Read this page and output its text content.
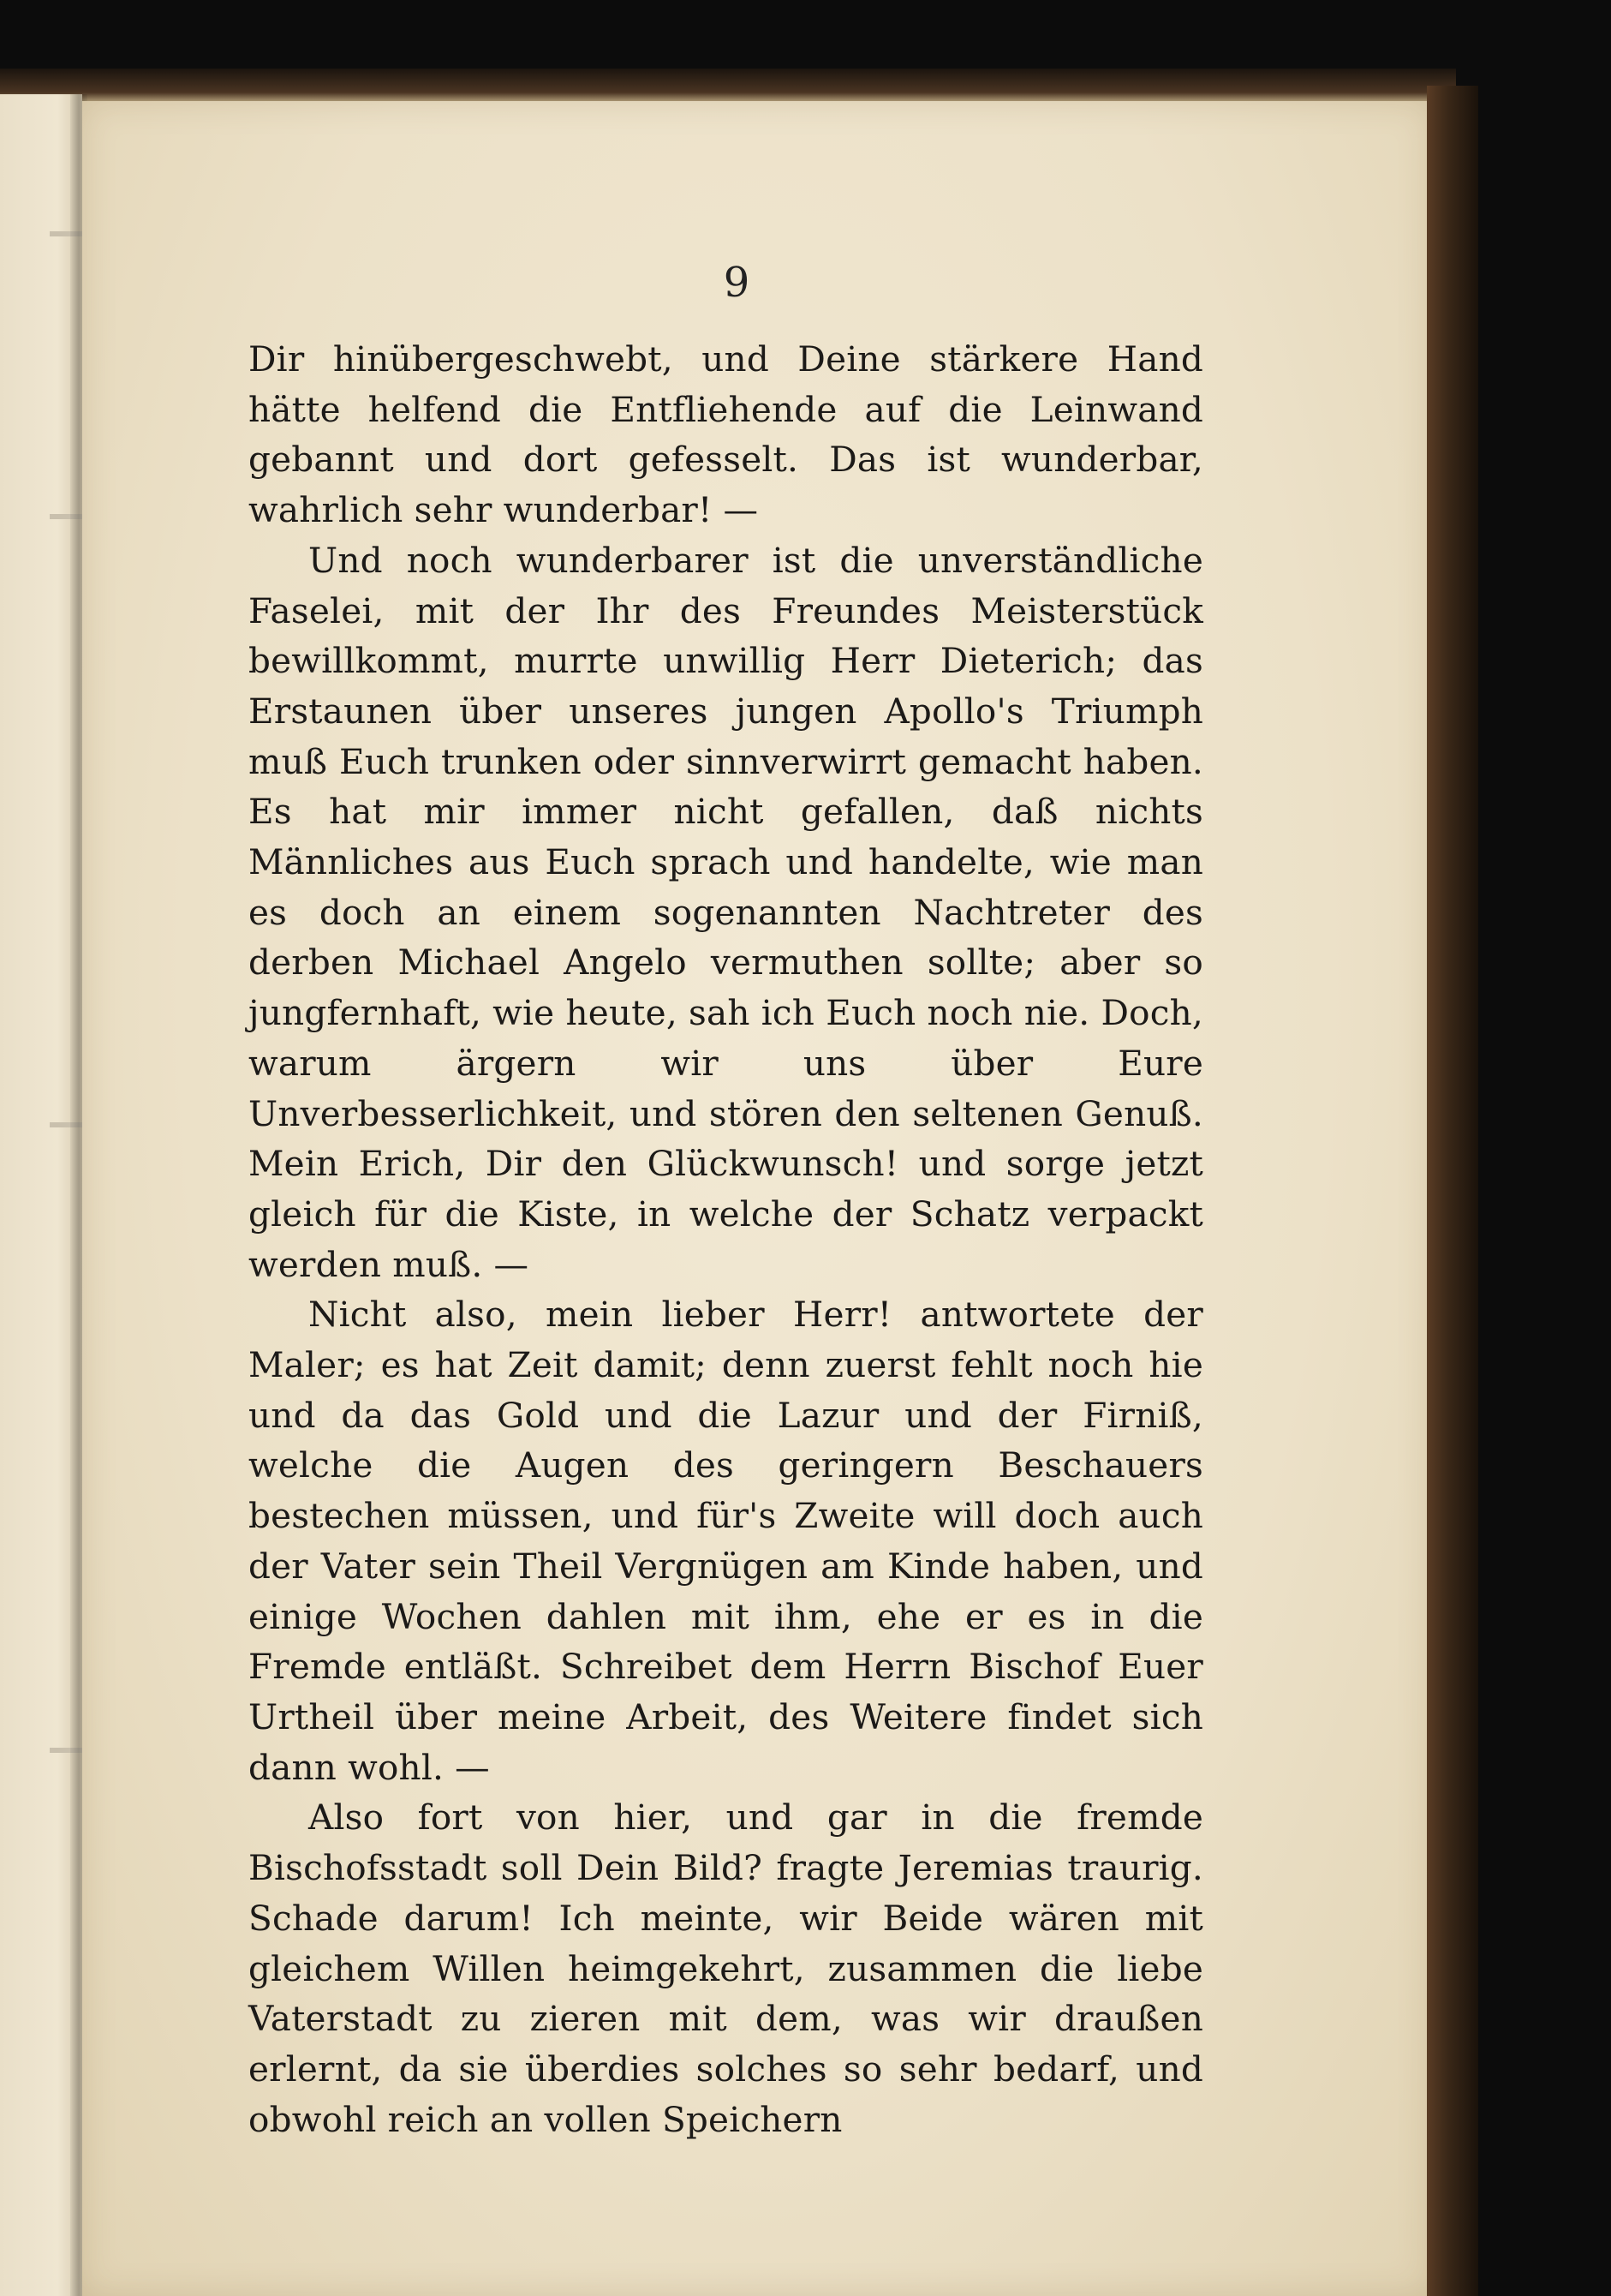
9

Dir hinübergeschwebt, und Deine stärkere Hand hätte helfend die Entfliehende auf die Leinwand gebannt und dort gefesselt. Das ist wunderbar, wahrlich sehr wunderbar! —

Und noch wunderbarer ist die unverständliche Faselei, mit der Ihr des Freundes Meisterstück bewillkommt, murrte unwillig Herr Dieterich; das Erstaunen über unseres jungen Apollo's Triumph muß Euch trunken oder sinnverwirrt gemacht haben. Es hat mir immer nicht gefallen, daß nichts Männliches aus Euch sprach und handelte, wie man es doch an einem sogenannten Nachtreter des derben Michael Angelo vermuthen sollte; aber so jungfernhaft, wie heute, sah ich Euch noch nie. Doch, warum ärgern wir uns über Eure Unverbesserlichkeit, und stören den seltenen Genuß. Mein Erich, Dir den Glückwunsch! und sorge jetzt gleich für die Kiste, in welche der Schatz verpackt werden muß. —

Nicht also, mein lieber Herr! antwortete der Maler; es hat Zeit damit; denn zuerst fehlt noch hie und da das Gold und die Lazur und der Firniß, welche die Augen des geringern Beschauers bestechen müssen, und für's Zweite will doch auch der Vater sein Theil Vergnügen am Kinde haben, und einige Wochen dahlen mit ihm, ehe er es in die Fremde entläßt. Schreibet dem Herrn Bischof Euer Urtheil über meine Arbeit, des Weitere findet sich dann wohl. —

Also fort von hier, und gar in die fremde Bischofsstadt soll Dein Bild? fragte Jeremias traurig. Schade darum! Ich meinte, wir Beide wären mit gleichem Willen heimgekehrt, zusammen die liebe Vaterstadt zu zieren mit dem, was wir draußen erlernt, da sie überdies solches so sehr bedarf, und obwohl reich an vollen Speichern
